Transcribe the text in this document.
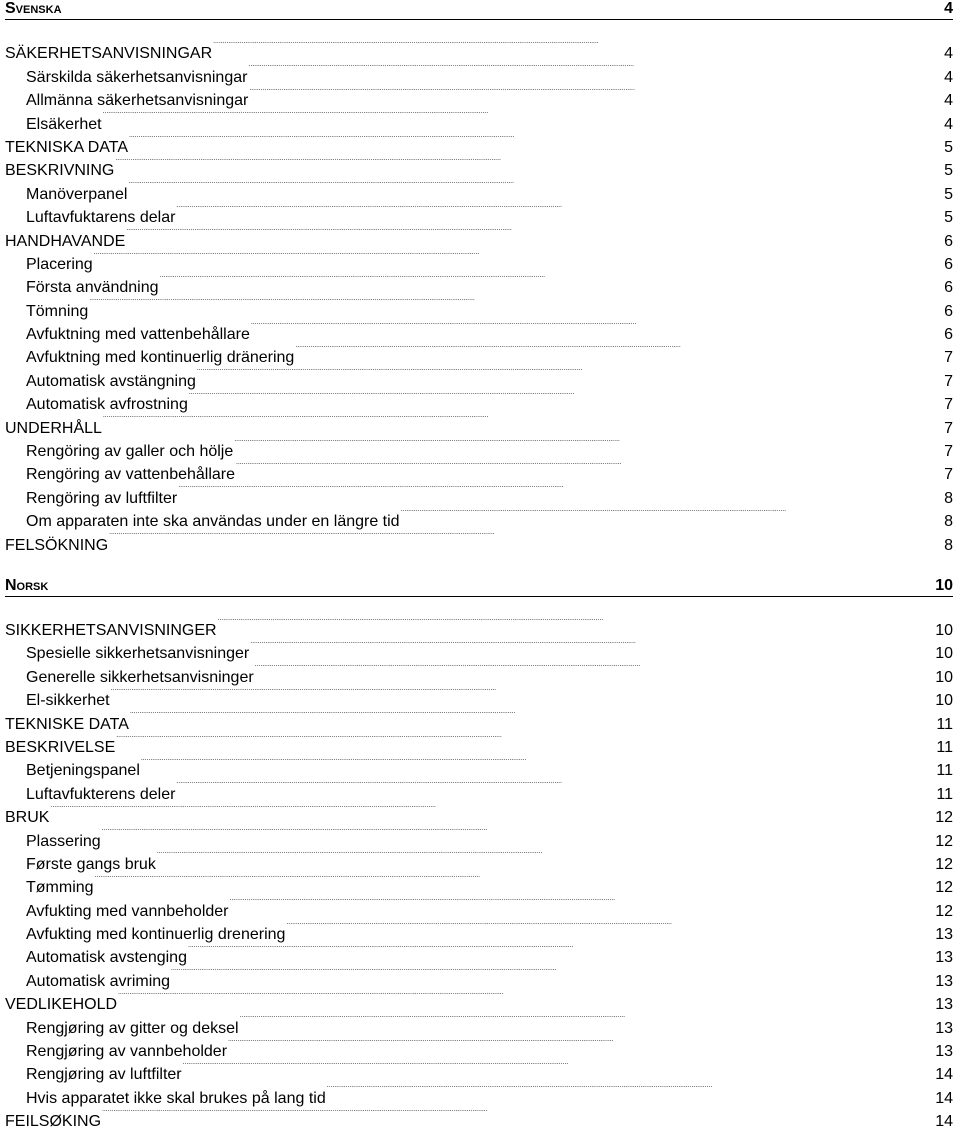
Svenska	4
SÄKERHETSANVISNINGAR . . .	4
Särskilda säkerhetsanvisningar . . .	4
Allmänna säkerhetsanvisningar . . .	4
Elsäkerhet . . .	4
TEKNISKA DATA . . .	5
BESKRIVNING . . .	5
Manöverpanel . . .	5
Luftavfuktarens delar . . .	5
HANDHAVANDE . . .	6
Placering . . .	6
Första användning . . .	6
Tömning . . .	6
Avfuktning med vattenbehållare . . .	6
Avfuktning med kontinuerlig dränering . . .	7
Automatisk avstängning . . .	7
Automatisk avfrostning . . .	7
UNDERHÅLL . . .	7
Rengöring av galler och hölje . . .	7
Rengöring av vattenbehållare . . .	7
Rengöring av luftfilter . . .	8
Om apparaten inte ska användas under en längre tid . . .	8
FELSÖKNING . . .	8
Norsk	10
SIKKERHETSANVISNINGER . . .	10
Spesielle sikkerhetsanvisninger . . .	10
Generelle sikkerhetsanvisninger . . .	10
El-sikkerhet . . .	10
TEKNISKE DATA . . .	11
BESKRIVELSE . . .	11
Betjeningspanel . . .	11
Luftavfukterens deler . . .	11
BRUK . . .	12
Plassering . . .	12
Første gangs bruk . . .	12
Tømming . . .	12
Avfukting med vannbeholder . . .	12
Avfukting med kontinuerlig drenering . . .	13
Automatisk avstenging . . .	13
Automatisk avriming . . .	13
VEDLIKEHOLD . . .	13
Rengjøring av gitter og deksel . . .	13
Rengjøring av vannbeholder . . .	13
Rengjøring av luftfilter . . .	14
Hvis apparatet ikke skal brukes på lang tid . . .	14
FEILSØKING . . .	14
